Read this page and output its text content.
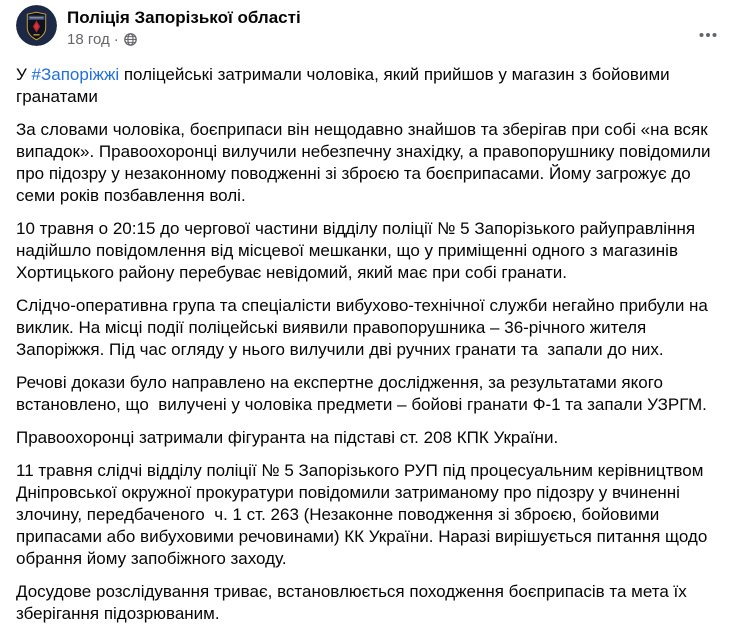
Поліція Запорізької області
18 год ·

У #Запоріжжі поліцейські затримали чоловіка, який прийшов у магазин з бойовими гранатами

За словами чоловіка, боєприпаси він нещодавно знайшов та зберігав при собі «на всяк випадок». Правоохоронці вилучили небезпечну знахідку, а правопорушнику повідомили про підозру у незаконному поводженні зі зброєю та боєприпасами. Йому загрожує до семи років позбавлення волі.

10 травня о 20:15 до чергової частини відділу поліції № 5 Запорізького райуправління надійшло повідомлення від місцевої мешканки, що у приміщенні одного з магазинів Хортицького району перебуває невідомий, який має при собі гранати.

Слідчо-оперативна група та спеціалісти вибухово-технічної служби негайно прибули на виклик. На місці події поліцейські виявили правопорушника – 36-річного жителя Запоріжжя. Під час огляду у нього вилучили дві ручних гранати та  запали до них.

Речові докази було направлено на експертне дослідження, за результатами якого встановлено, що  вилучені у чоловіка предмети – бойові гранати Ф-1 та запали УЗРГМ.

Правоохоронці затримали фігуранта на підставі ст. 208 КПК України.

11 травня слідчі відділу поліції № 5 Запорізького РУП під процесуальним керівництвом Дніпровської окружної прокуратури повідомили затриманому про підозру у вчиненні злочину, передбаченого  ч. 1 ст. 263 (Незаконне поводження зі зброєю, бойовими припасами або вибуховими речовинами) КК України. Наразі вирішується питання щодо обрання йому запобіжного заходу.

Досудове розслідування триває, встановлюється походження боєприпасів та мета їх зберігання підозрюваним.
